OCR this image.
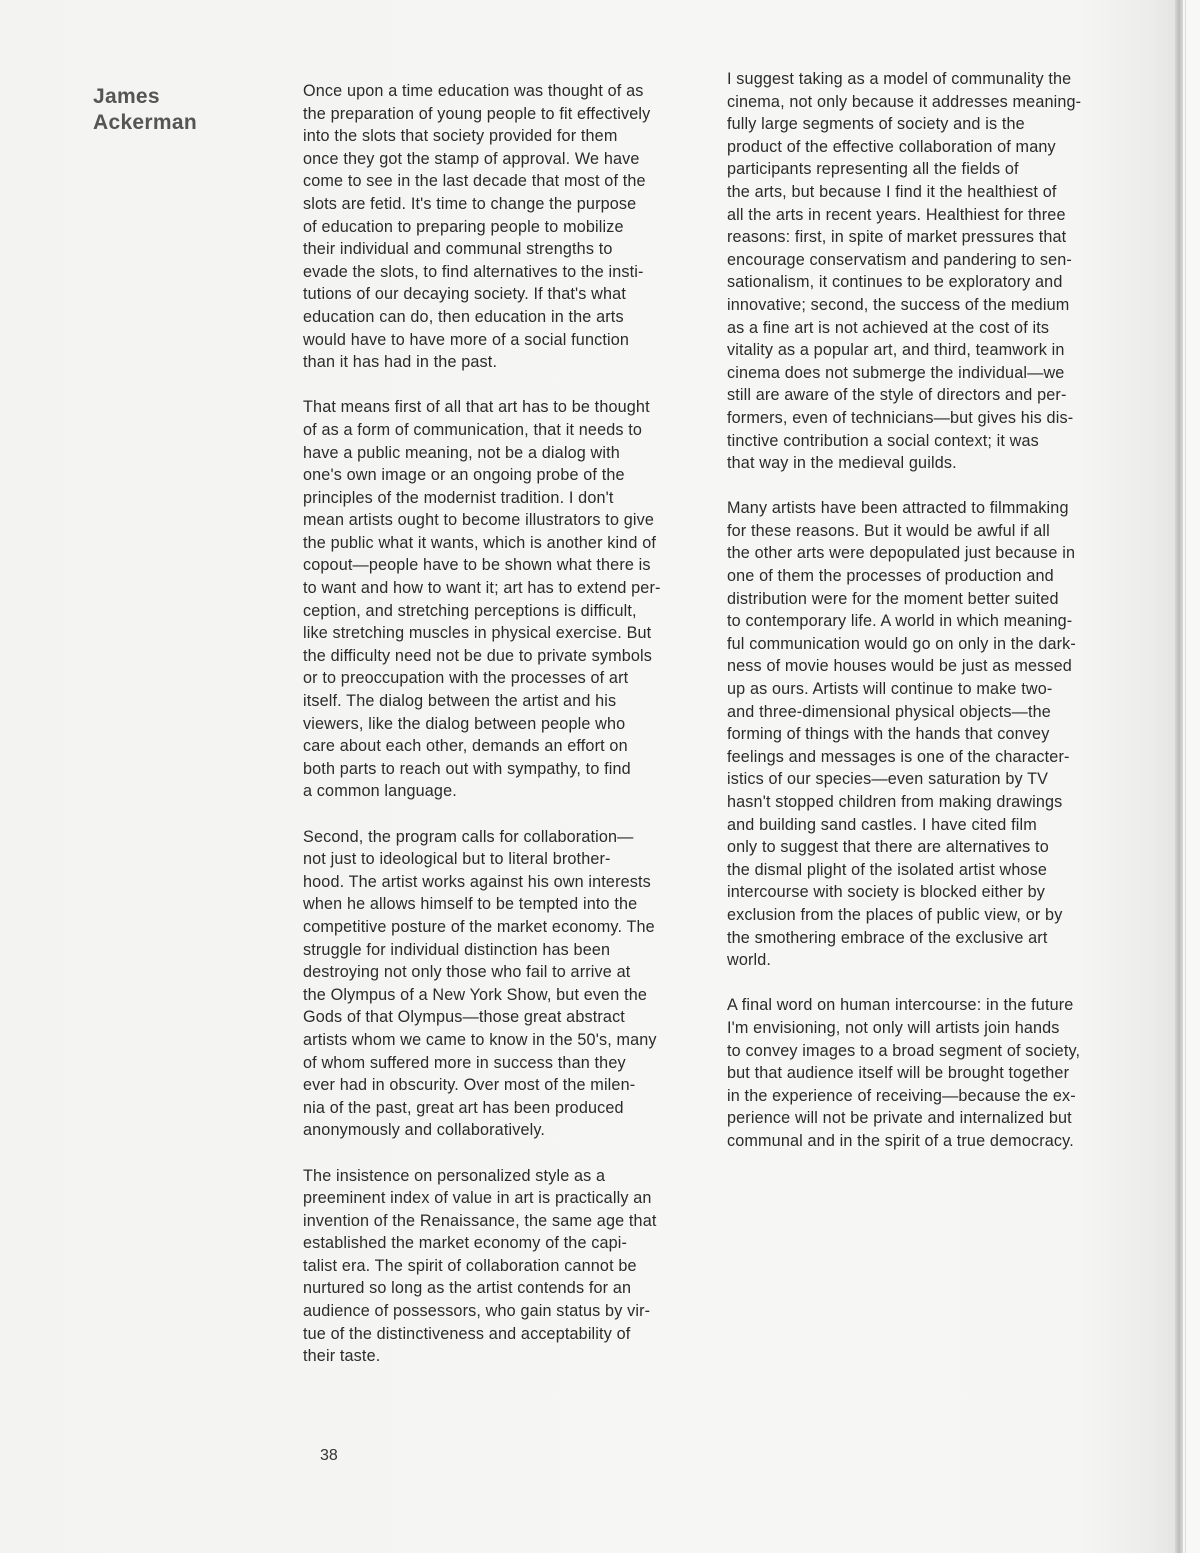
James
Ackerman
Once upon a time education was thought of as
the preparation of young people to fit effectively
into the slots that society provided for them
once they got the stamp of approval. We have
come to see in the last decade that most of the
slots are fetid. It's time to change the purpose
of education to preparing people to mobilize
their individual and communal strengths to
evade the slots, to find alternatives to the insti-
tutions of our decaying society. If that's what
education can do, then education in the arts
would have to have more of a social function
than it has had in the past.
That means first of all that art has to be thought
of as a form of communication, that it needs to
have a public meaning, not be a dialog with
one's own image or an ongoing probe of the
principles of the modernist tradition. I don't
mean artists ought to become illustrators to give
the public what it wants, which is another kind of
copout—people have to be shown what there is
to want and how to want it; art has to extend per-
ception, and stretching perceptions is difficult,
like stretching muscles in physical exercise. But
the difficulty need not be due to private symbols
or to preoccupation with the processes of art
itself. The dialog between the artist and his
viewers, like the dialog between people who
care about each other, demands an effort on
both parts to reach out with sympathy, to find
a common language.
Second, the program calls for collaboration—
not just to ideological but to literal brother-
hood. The artist works against his own interests
when he allows himself to be tempted into the
competitive posture of the market economy. The
struggle for individual distinction has been
destroying not only those who fail to arrive at
the Olympus of a New York Show, but even the
Gods of that Olympus—those great abstract
artists whom we came to know in the 50's, many
of whom suffered more in success than they
ever had in obscurity. Over most of the milen-
nia of the past, great art has been produced
anonymously and collaboratively.
The insistence on personalized style as a
preeminent index of value in art is practically an
invention of the Renaissance, the same age that
established the market economy of the capi-
talist era. The spirit of collaboration cannot be
nurtured so long as the artist contends for an
audience of possessors, who gain status by vir-
tue of the distinctiveness and acceptability of
their taste.
I suggest taking as a model of communality the
cinema, not only because it addresses meaning-
fully large segments of society and is the
product of the effective collaboration of many
participants representing all the fields of
the arts, but because I find it the healthiest of
all the arts in recent years. Healthiest for three
reasons: first, in spite of market pressures that
encourage conservatism and pandering to sen-
sationalism, it continues to be exploratory and
innovative; second, the success of the medium
as a fine art is not achieved at the cost of its
vitality as a popular art, and third, teamwork in
cinema does not submerge the individual—we
still are aware of the style of directors and per-
formers, even of technicians—but gives his dis-
tinctive contribution a social context; it was
that way in the medieval guilds.
Many artists have been attracted to filmmaking
for these reasons. But it would be awful if all
the other arts were depopulated just because in
one of them the processes of production and
distribution were for the moment better suited
to contemporary life. A world in which meaning-
ful communication would go on only in the dark-
ness of movie houses would be just as messed
up as ours. Artists will continue to make two-
and three-dimensional physical objects—the
forming of things with the hands that convey
feelings and messages is one of the character-
istics of our species—even saturation by TV
hasn't stopped children from making drawings
and building sand castles. I have cited film
only to suggest that there are alternatives to
the dismal plight of the isolated artist whose
intercourse with society is blocked either by
exclusion from the places of public view, or by
the smothering embrace of the exclusive art
world.
A final word on human intercourse: in the future
I'm envisioning, not only will artists join hands
to convey images to a broad segment of society,
but that audience itself will be brought together
in the experience of receiving—because the ex-
perience will not be private and internalized but
communal and in the spirit of a true democracy.
38
